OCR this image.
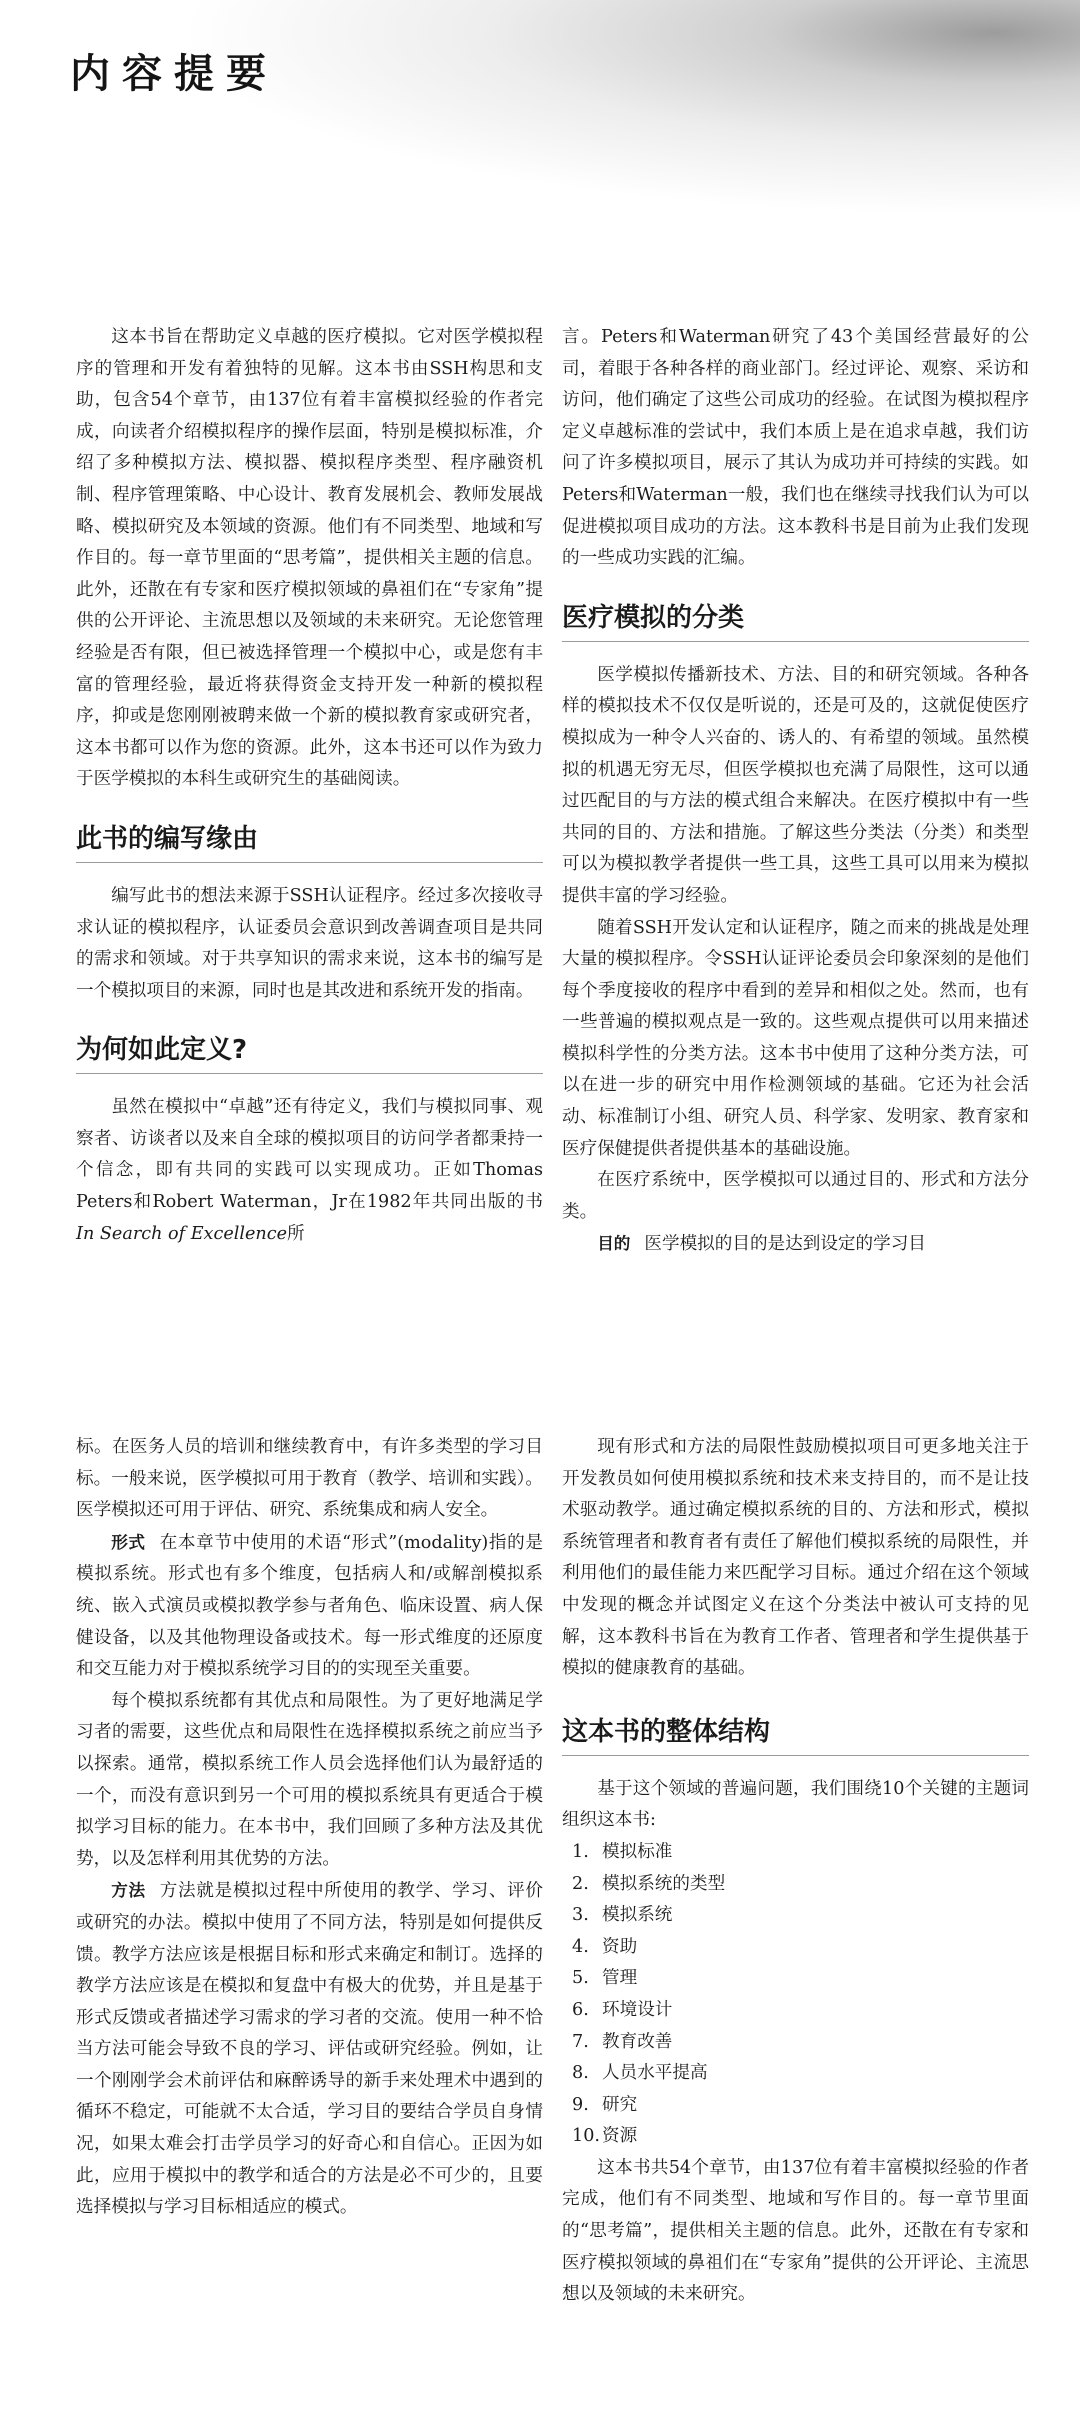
内容提要

这本书旨在帮助定义卓越的医疗模拟。它对医学模拟程序的管理和开发有着独特的见解。这本书由SSH构思和支助，包含54个章节，由137位有着丰富模拟经验的作者完成，向读者介绍模拟程序的操作层面，特别是模拟标准，介绍了多种模拟方法、模拟器、模拟程序类型、程序融资机制、程序管理策略、中心设计、教育发展机会、教师发展战略、模拟研究及本领域的资源。他们有不同类型、地域和写作目的。每一章节里面的“思考篇”，提供相关主题的信息。此外，还散在有专家和医疗模拟领域的鼻祖们在“专家角”提供的公开评论、主流思想以及领域的未来研究。无论您管理经验是否有限，但已被选择管理一个模拟中心，或是您有丰富的管理经验，最近将获得资金支持开发一种新的模拟程序，抑或是您刚刚被聘来做一个新的模拟教育家或研究者，这本书都可以作为您的资源。此外，这本书还可以作为致力于医学模拟的本科生或研究生的基础阅读。

此书的编写缘由

编写此书的想法来源于SSH认证程序。经过多次接收寻求认证的模拟程序，认证委员会意识到改善调查项目是共同的需求和领域。对于共享知识的需求来说，这本书的编写是一个模拟项目的来源，同时也是其改进和系统开发的指南。

为何如此定义?

虽然在模拟中“卓越”还有待定义，我们与模拟同事、观察者、访谈者以及来自全球的模拟项目的访问学者都秉持一个信念，即有共同的实践可以实现成功。正如Thomas Peters和Robert Waterman，Jr在1982年共同出版的书In Search of Excellence所

言。Peters和Waterman研究了43个美国经营最好的公司，着眼于各种各样的商业部门。经过评论、观察、采访和访问，他们确定了这些公司成功的经验。在试图为模拟程序定义卓越标准的尝试中，我们本质上是在追求卓越，我们访问了许多模拟项目，展示了其认为成功并可持续的实践。如Peters和Waterman一般，我们也在继续寻找我们认为可以促进模拟项目成功的方法。这本教科书是目前为止我们发现的一些成功实践的汇编。

医疗模拟的分类

医学模拟传播新技术、方法、目的和研究领域。各种各样的模拟技术不仅仅是听说的，还是可及的，这就促使医疗模拟成为一种令人兴奋的、诱人的、有希望的领域。虽然模拟的机遇无穷无尽，但医学模拟也充满了局限性，这可以通过匹配目的与方法的模式组合来解决。在医疗模拟中有一些共同的目的、方法和措施。了解这些分类法（分类）和类型可以为模拟教学者提供一些工具，这些工具可以用来为模拟提供丰富的学习经验。

随着SSH开发认定和认证程序，随之而来的挑战是处理大量的模拟程序。令SSH认证评论委员会印象深刻的是他们每个季度接收的程序中看到的差异和相似之处。然而，也有一些普遍的模拟观点是一致的。这些观点提供可以用来描述模拟科学性的分类方法。这本书中使用了这种分类方法，可以在进一步的研究中用作检测领域的基础。它还为社会活动、标准制订小组、研究人员、科学家、发明家、教育家和医疗保健提供者提供基本的基础设施。

在医疗系统中，医学模拟可以通过目的、形式和方法分类。

目的 医学模拟的目的是达到设定的学习目

标。在医务人员的培训和继续教育中，有许多类型的学习目标。一般来说，医学模拟可用于教育（教学、培训和实践）。医学模拟还可用于评估、研究、系统集成和病人安全。

形式 在本章节中使用的术语“形式”(modality)指的是模拟系统。形式也有多个维度，包括病人和/或解剖模拟系统、嵌入式演员或模拟教学参与者角色、临床设置、病人保健设备，以及其他物理设备或技术。每一形式维度的还原度和交互能力对于模拟系统学习目的的实现至关重要。

每个模拟系统都有其优点和局限性。为了更好地满足学习者的需要，这些优点和局限性在选择模拟系统之前应当予以探索。通常，模拟系统工作人员会选择他们认为最舒适的一个，而没有意识到另一个可用的模拟系统具有更适合于模拟学习目标的能力。在本书中，我们回顾了多种方法及其优势，以及怎样利用其优势的方法。

方法 方法就是模拟过程中所使用的教学、学习、评价或研究的办法。模拟中使用了不同方法，特别是如何提供反馈。教学方法应该是根据目标和形式来确定和制订。选择的教学方法应该是在模拟和复盘中有极大的优势，并且是基于形式反馈或者描述学习需求的学习者的交流。使用一种不恰当方法可能会导致不良的学习、评估或研究经验。例如，让一个刚刚学会术前评估和麻醉诱导的新手来处理术中遇到的循环不稳定，可能就不太合适，学习目的要结合学员自身情况，如果太难会打击学员学习的好奇心和自信心。正因为如此，应用于模拟中的教学和适合的方法是必不可少的，且要选择模拟与学习目标相适应的模式。

现有形式和方法的局限性鼓励模拟项目可更多地关注于开发教员如何使用模拟系统和技术来支持目的，而不是让技术驱动教学。通过确定模拟系统的目的、方法和形式，模拟系统管理者和教育者有责任了解他们模拟系统的局限性，并利用他们的最佳能力来匹配学习目标。通过介绍在这个领域中发现的概念并试图定义在这个分类法中被认可支持的见解，这本教科书旨在为教育工作者、管理者和学生提供基于模拟的健康教育的基础。

这本书的整体结构

基于这个领域的普遍问题，我们围绕10个关键的主题词组织这本书:

1. 模拟标准
2. 模拟系统的类型
3. 模拟系统
4. 资助
5. 管理
6. 环境设计
7. 教育改善
8. 人员水平提高
9. 研究
10. 资源

这本书共54个章节，由137位有着丰富模拟经验的作者完成，他们有不同类型、地域和写作目的。每一章节里面的“思考篇”，提供相关主题的信息。此外，还散在有专家和医疗模拟领域的鼻祖们在“专家角”提供的公开评论、主流思想以及领域的未来研究。
